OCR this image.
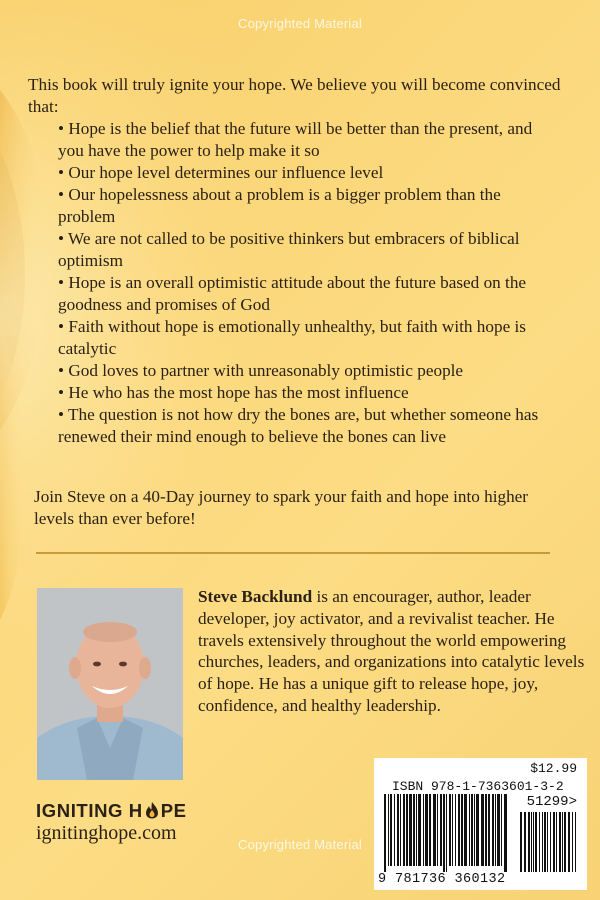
Copyrighted Material

This book will truly ignite your hope. We believe you will become convinced that:

• Hope is the belief that the future will be better than the present, and you have the power to help make it so
• Our hope level determines our influence level
• Our hopelessness about a problem is a bigger problem than the problem
• We are not called to be positive thinkers but embracers of biblical optimism
• Hope is an overall optimistic attitude about the future based on the goodness and promises of God
• Faith without hope is emotionally unhealthy, but faith with hope is catalytic
• God loves to partner with unreasonably optimistic people
• He who has the most hope has the most influence
• The question is not how dry the bones are, but whether someone has renewed their mind enough to believe the bones can live

Join Steve on a 40-Day journey to spark your faith and hope into higher levels than ever before!

Steve Backlund is an encourager, author, leader developer, joy activator, and a revivalist teacher. He travels extensively throughout the world empowering churches, leaders, and organizations into catalytic levels of hope. He has a unique gift to release hope, joy, confidence, and healthy leadership.

IGNITING H PE
ignitinghope.com
$12.99
ISBN 978-1-7363601-3-2
51299>
9 781736 360132
Copyrighted Material
